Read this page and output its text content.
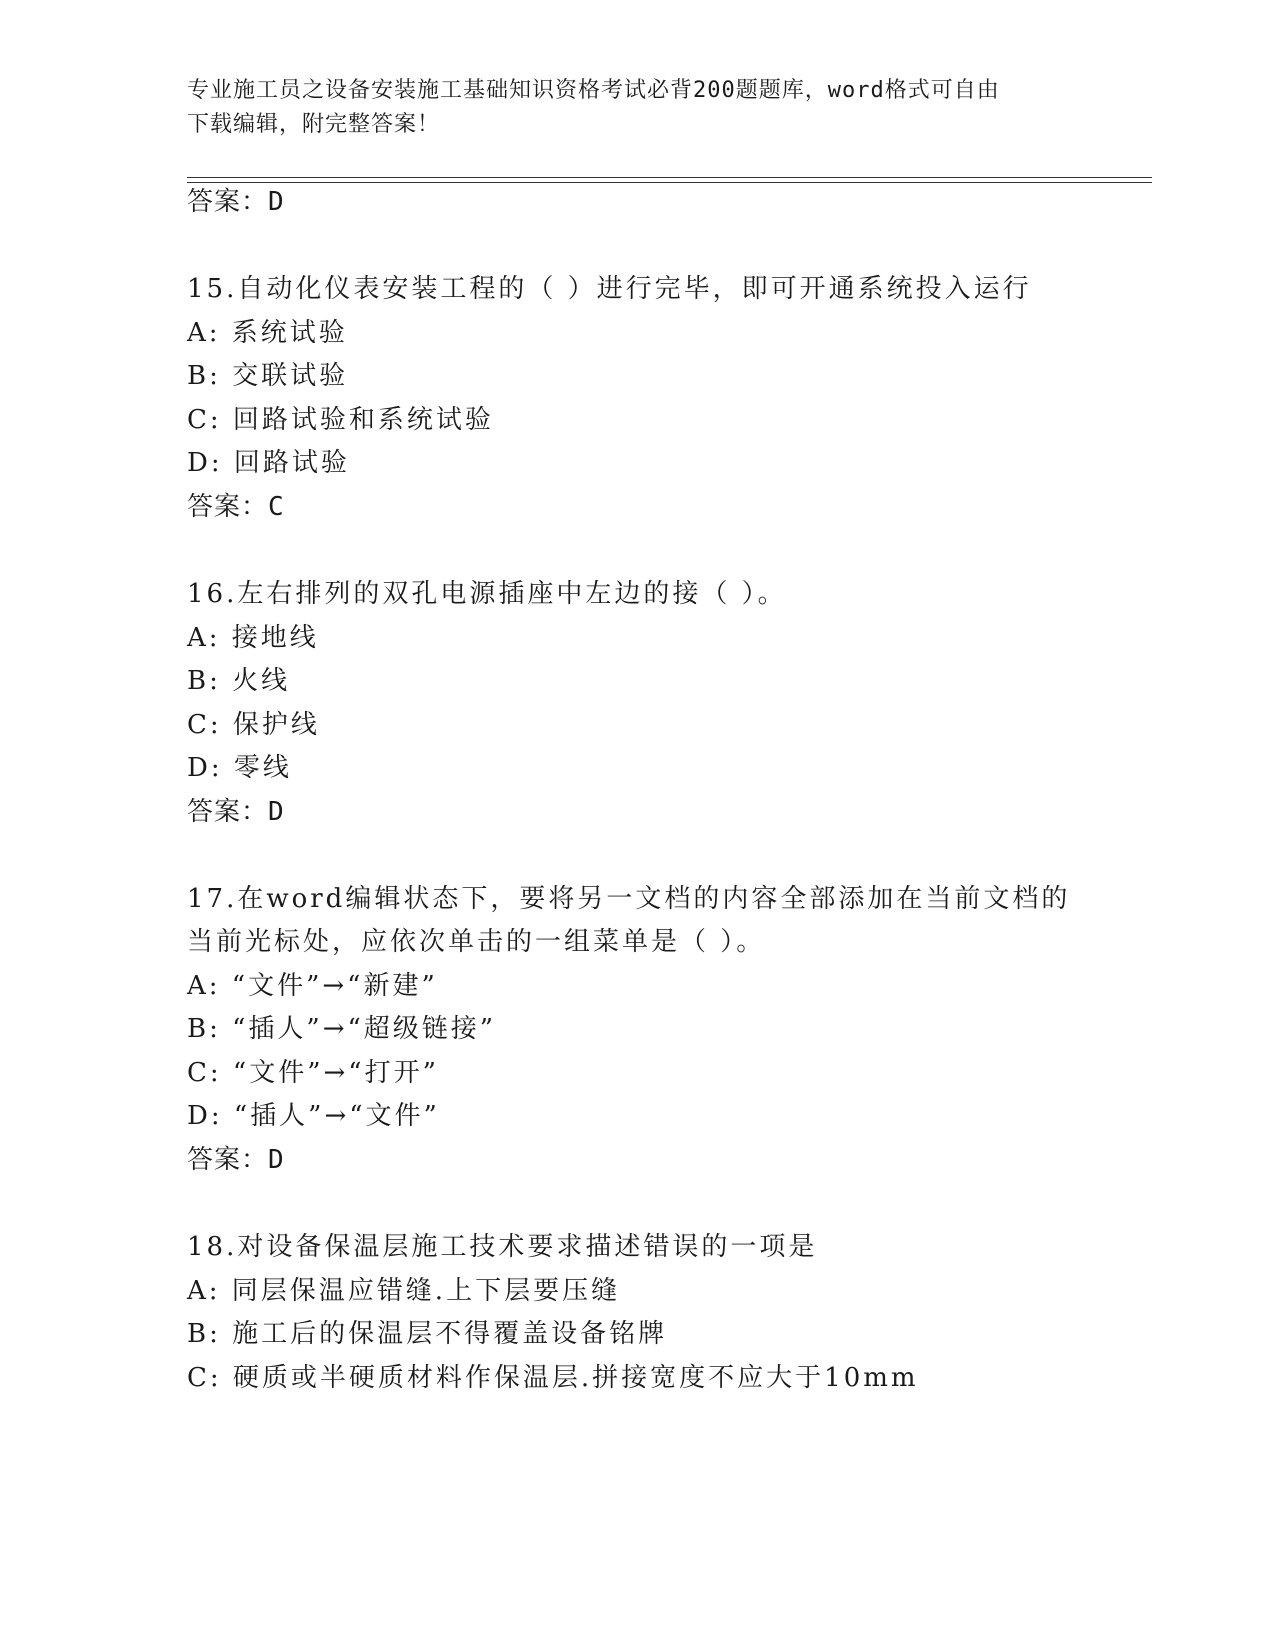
专业施工员之设备安装施工基础知识资格考试必背200题题库，word格式可自由
下载编辑，附完整答案！
答案：D
15.自动化仪表安装工程的（ ）进行完毕，即可开通系统投入运行
A: 系统试验
B: 交联试验
C: 回路试验和系统试验
D: 回路试验
答案：C
16.左右排列的双孔电源插座中左边的接（ ）。
A: 接地线
B: 火线
C: 保护线
D: 零线
答案：D
17.在word编辑状态下，要将另一文档的内容全部添加在当前文档的
当前光标处，应依次单击的一组菜单是（ ）。
A: “文件”→“新建”
B: “插人”→“超级链接”
C: “文件”→“打开”
D: “插人”→“文件”
答案：D
18.对设备保温层施工技术要求描述错误的一项是
A: 同层保温应错缝.上下层要压缝
B: 施工后的保温层不得覆盖设备铭牌
C: 硬质或半硬质材料作保温层.拼接宽度不应大于10mm
